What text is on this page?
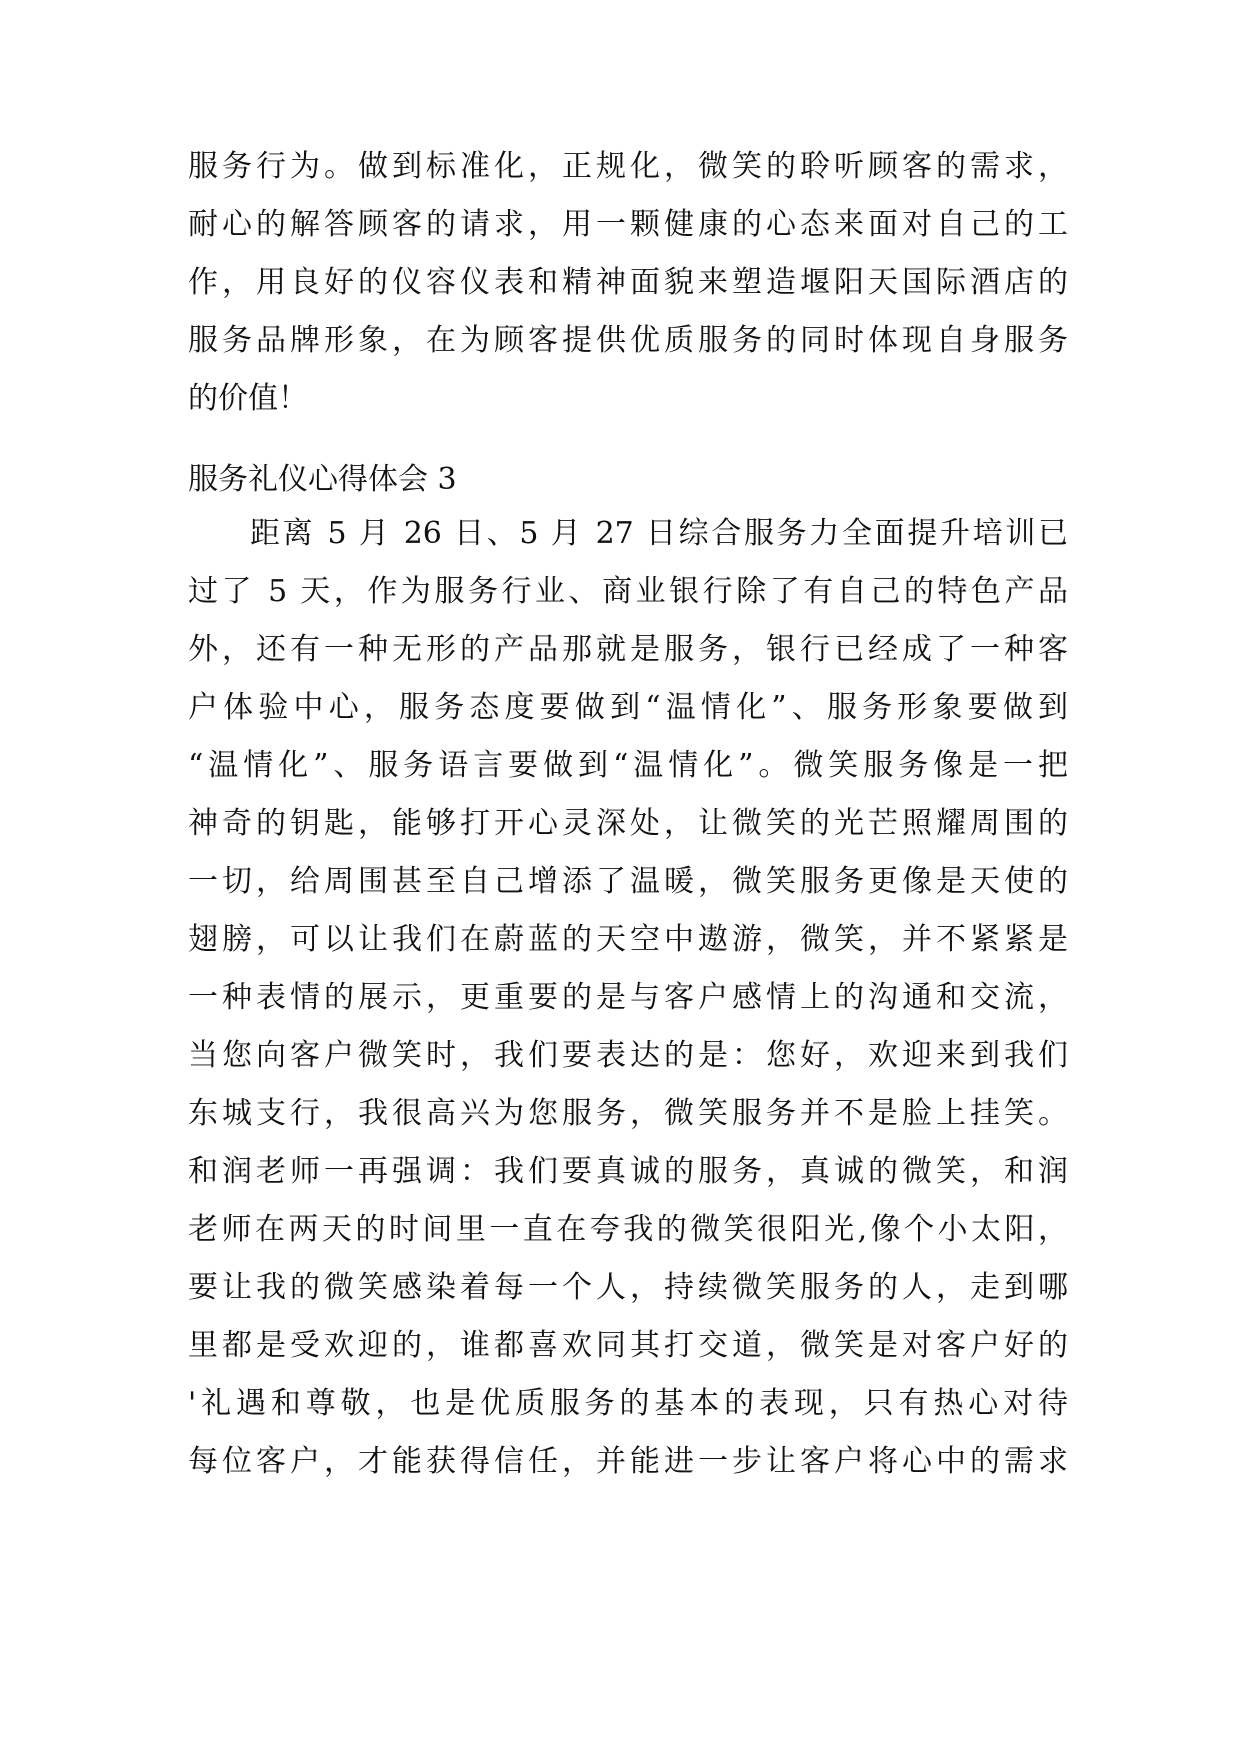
服务行为。做到标准化，正规化，微笑的聆听顾客的需求，
耐心的解答顾客的请求，用一颗健康的心态来面对自己的工
作，用良好的仪容仪表和精神面貌来塑造堰阳天国际酒店的
服务品牌形象，在为顾客提供优质服务的同时体现自身服务
的价值！
服务礼仪心得体会 3
距离 5 月 26 日、5 月 27 日综合服务力全面提升培训已
过了 5 天，作为服务行业、商业银行除了有自己的特色产品
外，还有一种无形的产品那就是服务，银行已经成了一种客
户体验中心，服务态度要做到“温情化”、服务形象要做到
“温情化”、服务语言要做到“温情化”。微笑服务像是一把
神奇的钥匙，能够打开心灵深处，让微笑的光芒照耀周围的
一切，给周围甚至自己增添了温暖，微笑服务更像是天使的
翅膀，可以让我们在蔚蓝的天空中遨游，微笑，并不紧紧是
一种表情的展示，更重要的是与客户感情上的沟通和交流，
当您向客户微笑时，我们要表达的是：您好，欢迎来到我们
东城支行，我很高兴为您服务，微笑服务并不是脸上挂笑。
和润老师一再强调：我们要真诚的服务，真诚的微笑，和润
老师在两天的时间里一直在夸我的微笑很阳光,像个小太阳，
要让我的微笑感染着每一个人，持续微笑服务的人，走到哪
里都是受欢迎的，谁都喜欢同其打交道，微笑是对客户好的
'礼遇和尊敬，也是优质服务的基本的表现，只有热心对待
每位客户，才能获得信任，并能进一步让客户将心中的需求
